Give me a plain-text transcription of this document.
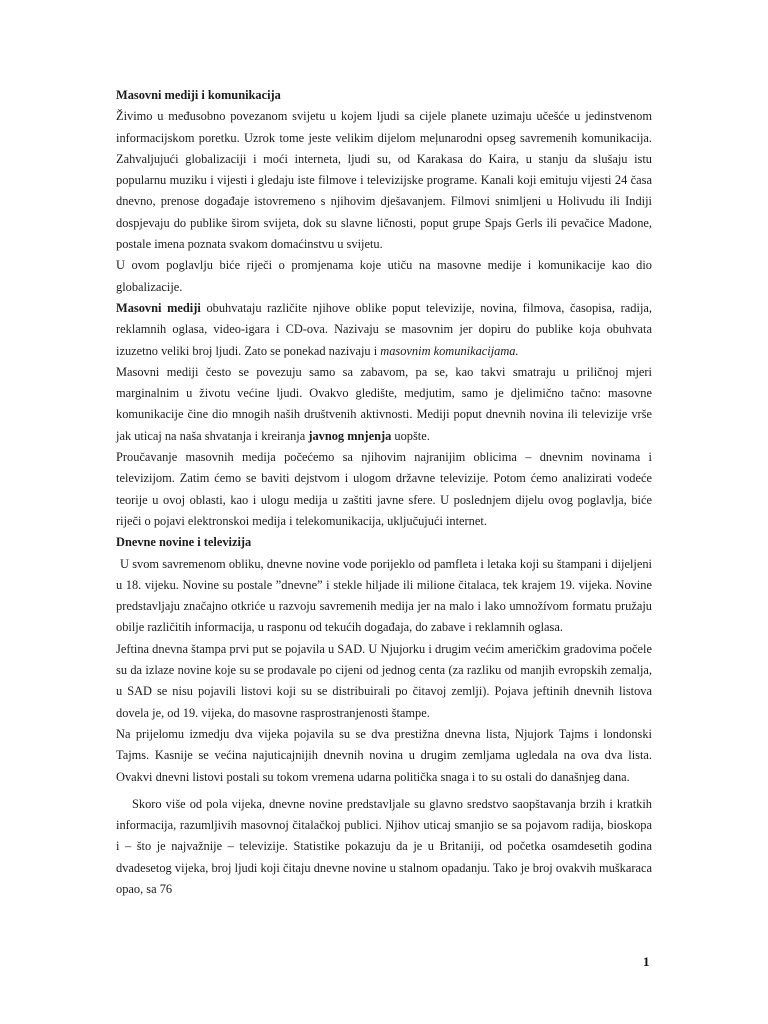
Masovni mediji i komunikacija

Živimo u međusobno povezanom svijetu u kojem ljudi sa cijele planete uzimaju učešće u jedinstvenom informacijskom poretku. Uzrok tome jeste velikim dijelom meļunarodni opseg savremenih komunikacija. Zahvaljujući globalizaciji i moći interneta, ljudi su, od Karakasa do Kaira, u stanju da slušaju istu popularnu muziku i vijesti i gledaju iste filmove i televizijske programe. Kanali koji emituju vijesti 24 časa dnevno, prenose događaje istovremeno s njihovim dješavanjem. Filmovi snimljeni u Holivudu ili Indiji dospjevaju do publike širom svijeta, dok su slavne ličnosti, poput grupe Spajs Gerls ili pevačice Madone, postale imena poznata svakom domaćinstvu u svijetu.

U ovom poglavlju biće riječi o promjenama koje utiču na masovne medije i komunikacije kao dio globalizacije.

Masovni mediji obuhvataju različite njihove oblike poput televizije, novina, filmova, časopisa, radija, reklamnih oglasa, video-igara i CD-ova. Nazivaju se masovnim jer dopiru do publike koja obuhvata izuzetno veliki broj ljudi. Zato se ponekad nazivaju i masovnim komunikacijama.

Masovni mediji često se povezuju samo sa zabavom, pa se, kao takvi smatraju u priličnoj mjeri marginalnim u životu većine ljudi. Ovakvo gledište, medjutim, samo je djelimično tačno: masovne komunikacije čine dio mnogih naših društvenih aktivnosti. Mediji poput dnevnih novina ili televizije vrše jak uticaj na naša shvatanja i kreiranja javnog mnjenja uopšte.

Proučavanje masovnih medija počećemo sa njihovim najranijim oblicima – dnevnim novinama i televizijom. Zatim ćemo se baviti dejstvom i ulogom državne televizije. Potom ćemo analizirati vodeće teorije u ovoj oblasti, kao i ulogu medija u zaštiti javne sfere. U poslednjem dijelu ovog poglavlja, biće riječi o pojavi elektronskoi medija i telekomunikacija, uključujući internet.

Dnevne novine i televizija

U svom savremenom obliku, dnevne novine vode porijeklo od pamfleta i letaka koji su štampani i dijeljeni u 18. vijeku. Novine su postale ”dnevne” i stekle hiljade ili milione čitalaca, tek krajem 19. vijeka. Novine predstavljaju značajno otkriće u razvoju savremenih medija jer na malo i lako umnožívom formatu pružaju obilje različitih informacija, u rasponu od tekućih događaja, do zabave i reklamnih oglasa.

Jeftina dnevna štampa prvi put se pojavila u SAD. U Njujorku i drugim većim američkim gradovima počele su da izlaze novine koje su se prodavale po cijeni od jednog centa (za razliku od manjih evropskih zemalja, u SAD se nisu pojavili listovi koji su se distribuirali po čitavoj zemlji). Pojava jeftinih dnevnih listova dovela je, od 19. vijeka, do masovne rasprostranjenosti štampe.

Na prijelomu izmedju dva vijeka pojavila su se dva prestižna dnevna lista, Njujork Tajms i londonski Tajms. Kasnije se većina najuticajnijih dnevnih novina u drugim zemljama ugledala na ova dva lista. Ovakvi dnevni listovi postali su tokom vremena udarna politička snaga i to su ostali do današnjeg dana.

Skoro više od pola vijeka, dnevne novine predstavljale su glavno sredstvo saopštavanja brzih i kratkih informacija, razumljivih masovnoj čitalačkoj publici. Njihov uticaj smanjio se sa pojavom radija, bioskopa i – što je najvažnije – televizije. Statistike pokazuju da je u Britaniji, od početka osamdesetih godina dvadesetog vijeka, broj ljudi koji čitaju dnevne novine u stalnom opadanju. Tako je broj ovakvih muškaraca opao, sa 76

1
